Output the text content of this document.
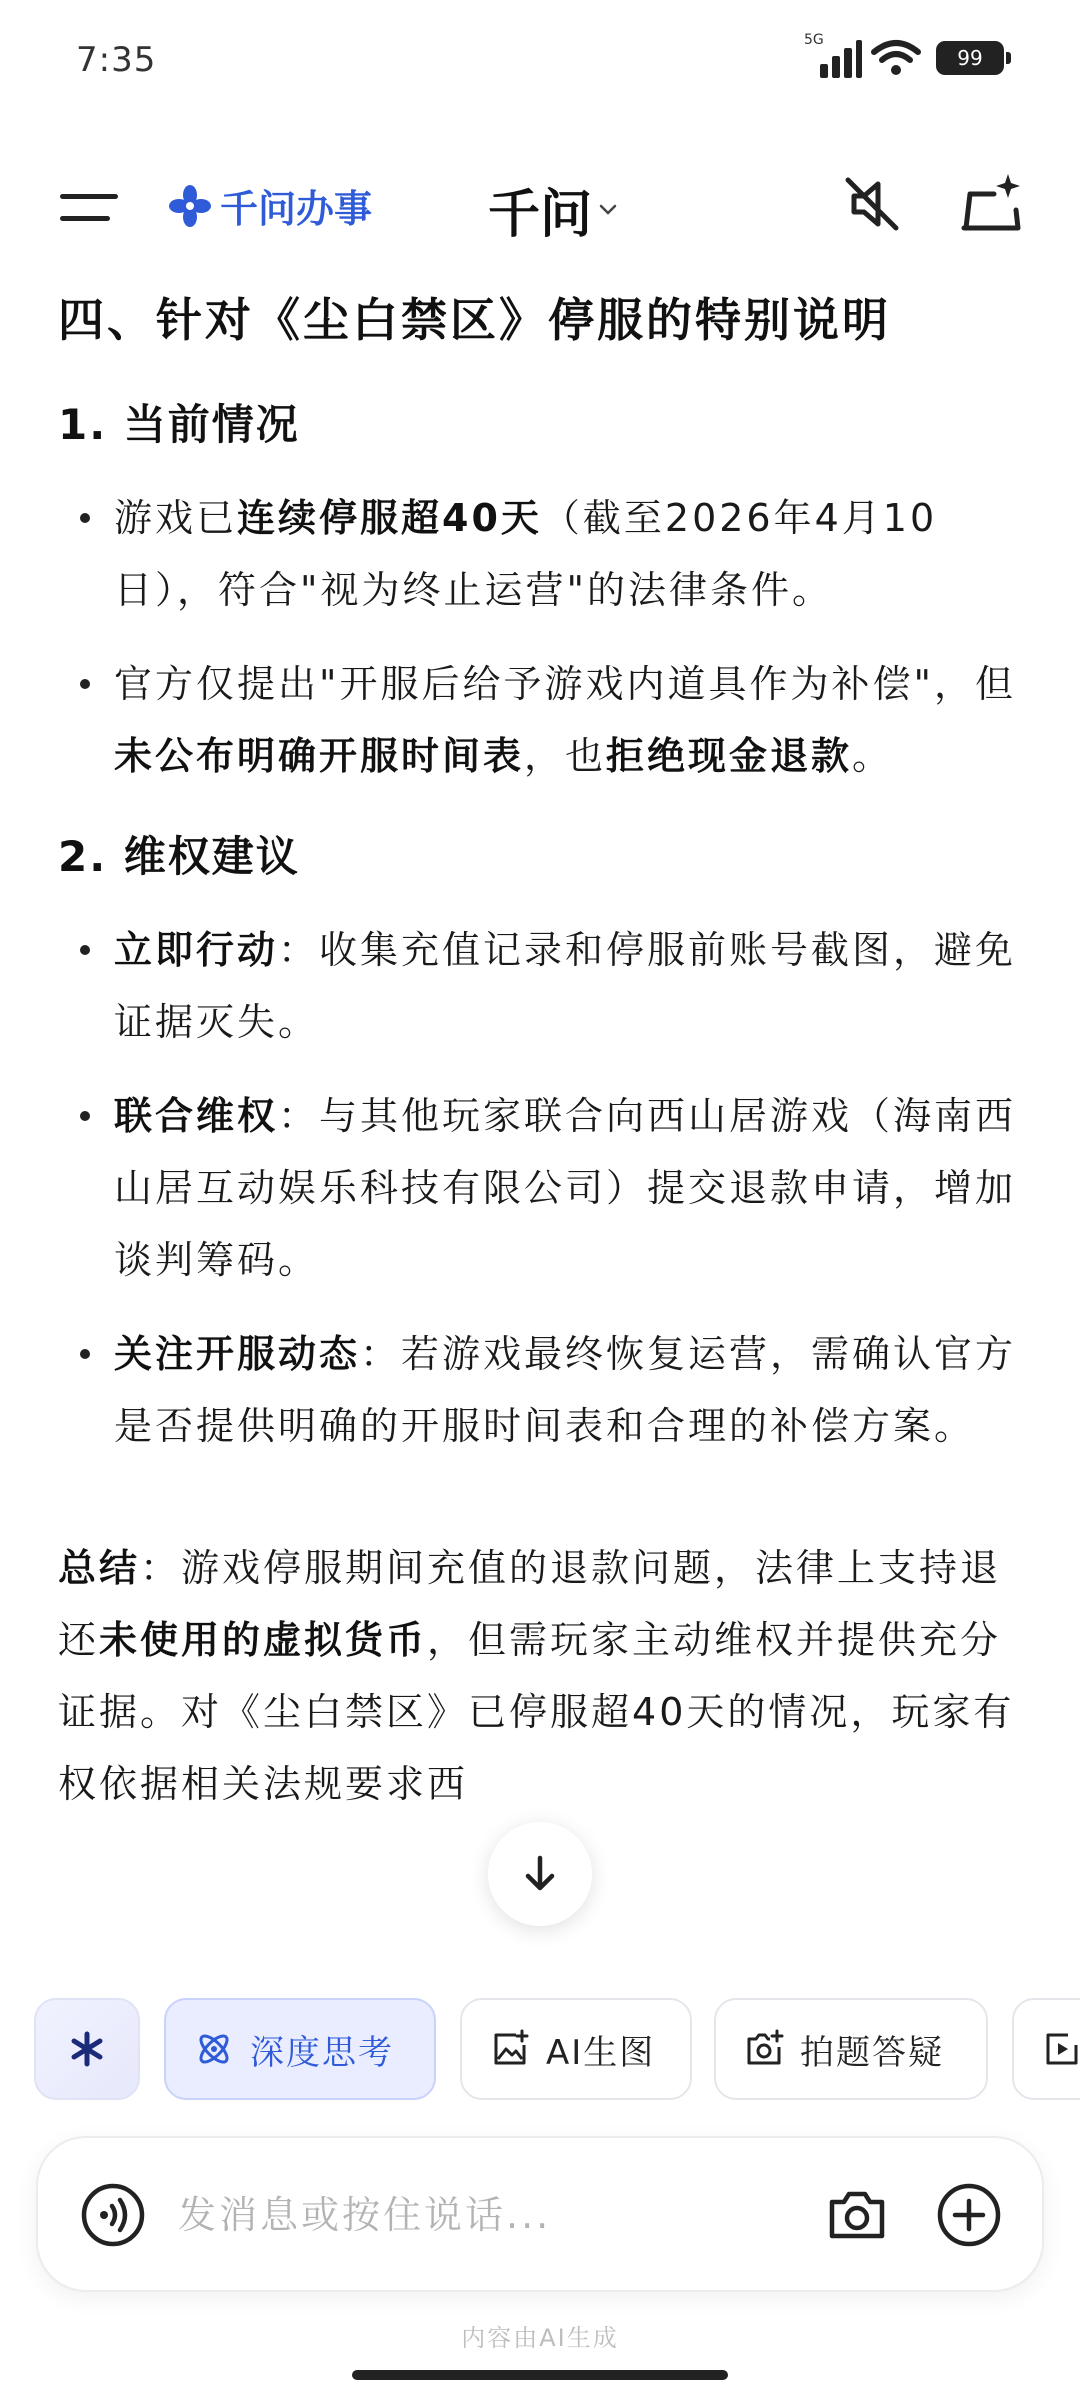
7:35	5G
99
千问办事 千问
四、针对《尘白禁区》停服的特别说明
1. 当前情况
游戏已连续停服超40天（截至2026年4月10日），符合"视为终止运营"的法律条件。
官方仅提出"开服后给予游戏内道具作为补偿"，但未公布明确开服时间表，也拒绝现金退款。
2. 维权建议
立即行动：收集充值记录和停服前账号截图，避免证据灭失。
联合维权：与其他玩家联合向西山居游戏（海南西山居互动娱乐科技有限公司）提交退款申请，增加谈判筹码。
关注开服动态：若游戏最终恢复运营，需确认官方是否提供明确的开服时间表和合理的补偿方案。
总结：游戏停服期间充值的退款问题，法律上支持退还未使用的虚拟货币，但需玩家主动维权并提供充分证据。对《尘白禁区》已停服超40天的情况，玩家有权依据相关法规要求西
深度思考	AI生图	拍题答疑
发消息或按住说话...
内容由AI生成
